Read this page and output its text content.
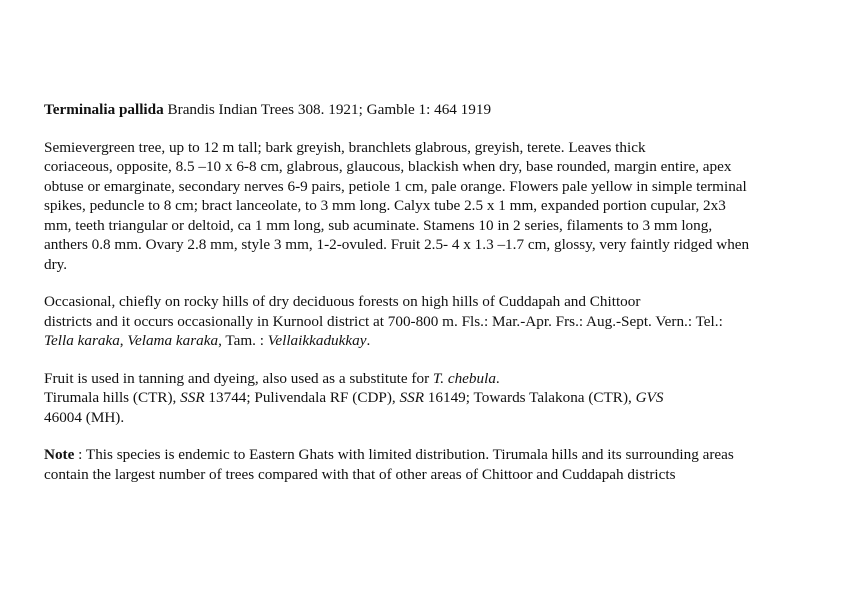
Terminalia pallida Brandis Indian Trees 308. 1921; Gamble 1: 464 1919

Semievergreen tree, up to 12 m tall; bark greyish, branchlets glabrous, greyish, terete. Leaves thick
coriaceous, opposite, 8.5 –10 x 6-8 cm, glabrous, glaucous, blackish when dry, base rounded, margin entire, apex
obtuse or emarginate, secondary nerves 6-9 pairs, petiole 1 cm, pale orange. Flowers pale yellow in simple terminal
spikes, peduncle to 8 cm; bract lanceolate, to 3 mm long. Calyx tube 2.5 x 1 mm, expanded portion cupular, 2x3
mm, teeth triangular or deltoid, ca 1 mm long, sub acuminate. Stamens 10 in 2 series, filaments to 3 mm long,
anthers 0.8 mm. Ovary 2.8 mm, style 3 mm, 1-2-ovuled. Fruit 2.5- 4 x 1.3 –1.7 cm, glossy, very faintly ridged when
dry.

Occasional, chiefly on rocky hills of dry deciduous forests on high hills of Cuddapah and Chittoor
districts and it occurs occasionally in Kurnool district at 700-800 m. Fls.: Mar.-Apr. Frs.: Aug.-Sept. Vern.: Tel.:
Tella karaka, Velama karaka, Tam. : Vellaikkadukkay.

Fruit is used in tanning and dyeing, also used as a substitute for T. chebula.
Tirumala hills (CTR), SSR 13744; Pulivendala RF (CDP), SSR 16149; Towards Talakona (CTR), GVS
46004 (MH).

Note : This species is endemic to Eastern Ghats with limited distribution. Tirumala hills and its surrounding areas
contain the largest number of trees compared with that of other areas of Chittoor and Cuddapah districts
